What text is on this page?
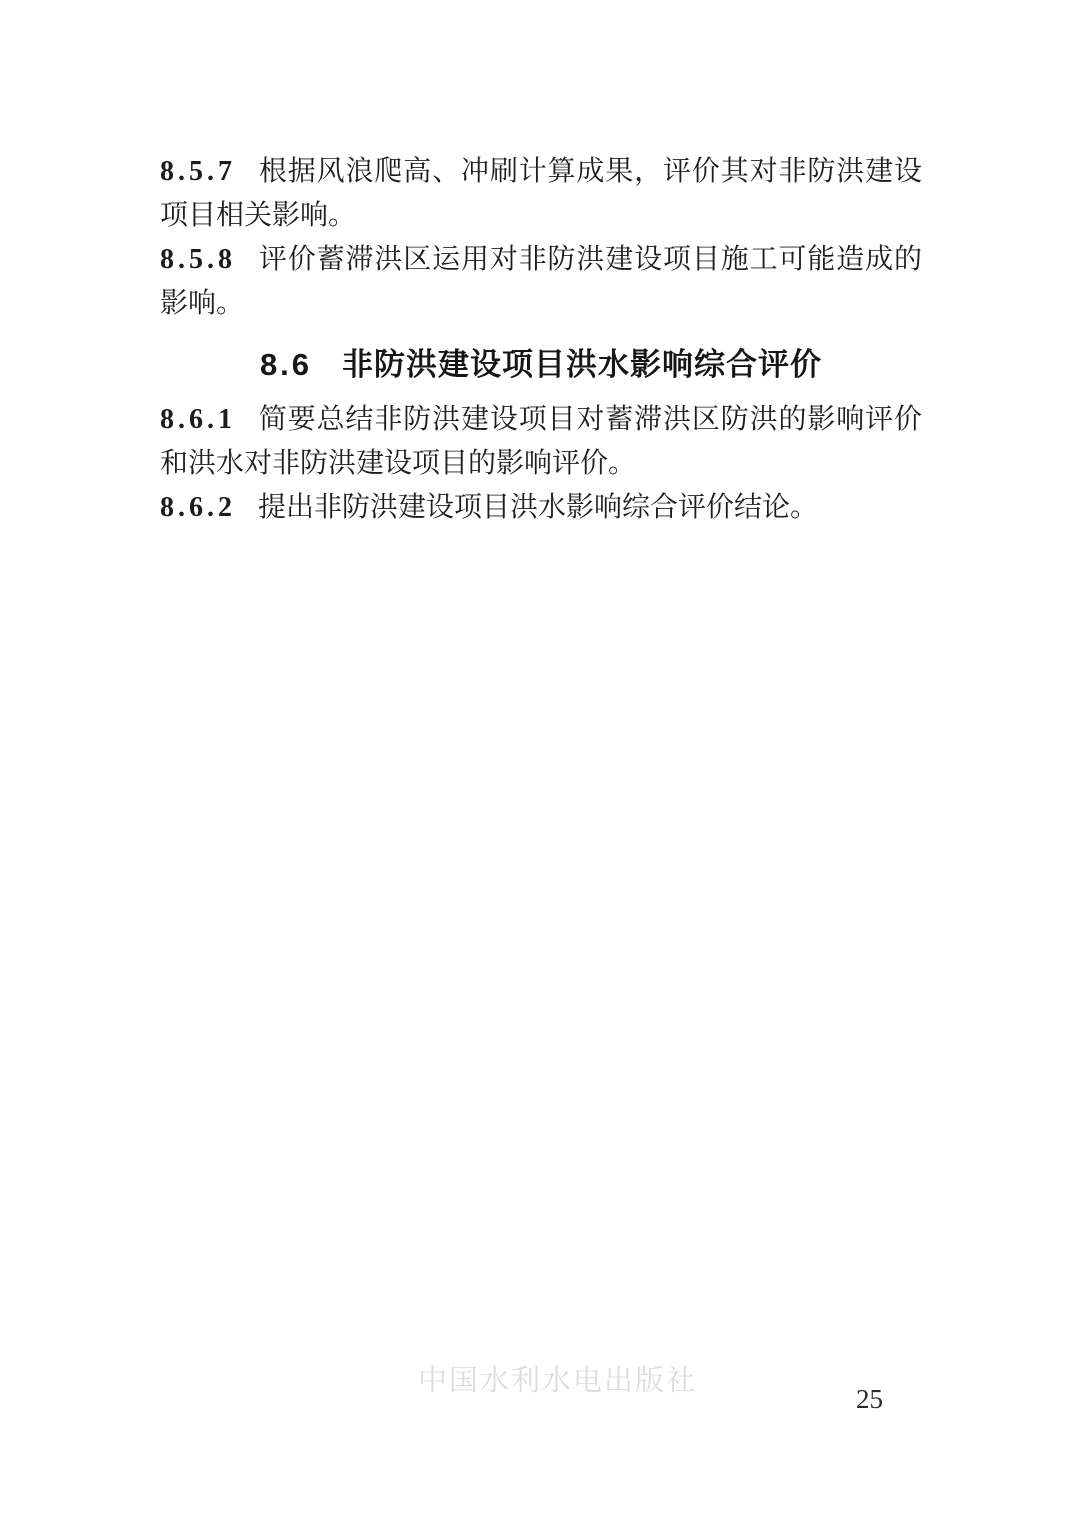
8.5.7 根据风浪爬高、冲刷计算成果，评价其对非防洪建设项目相关影响。

8.5.8 评价蓄滞洪区运用对非防洪建设项目施工可能造成的影响。

8.6 非防洪建设项目洪水影响综合评价

8.6.1 简要总结非防洪建设项目对蓄滞洪区防洪的影响评价和洪水对非防洪建设项目的影响评价。

8.6.2 提出非防洪建设项目洪水影响综合评价结论。

中国水利水电出版社
25
